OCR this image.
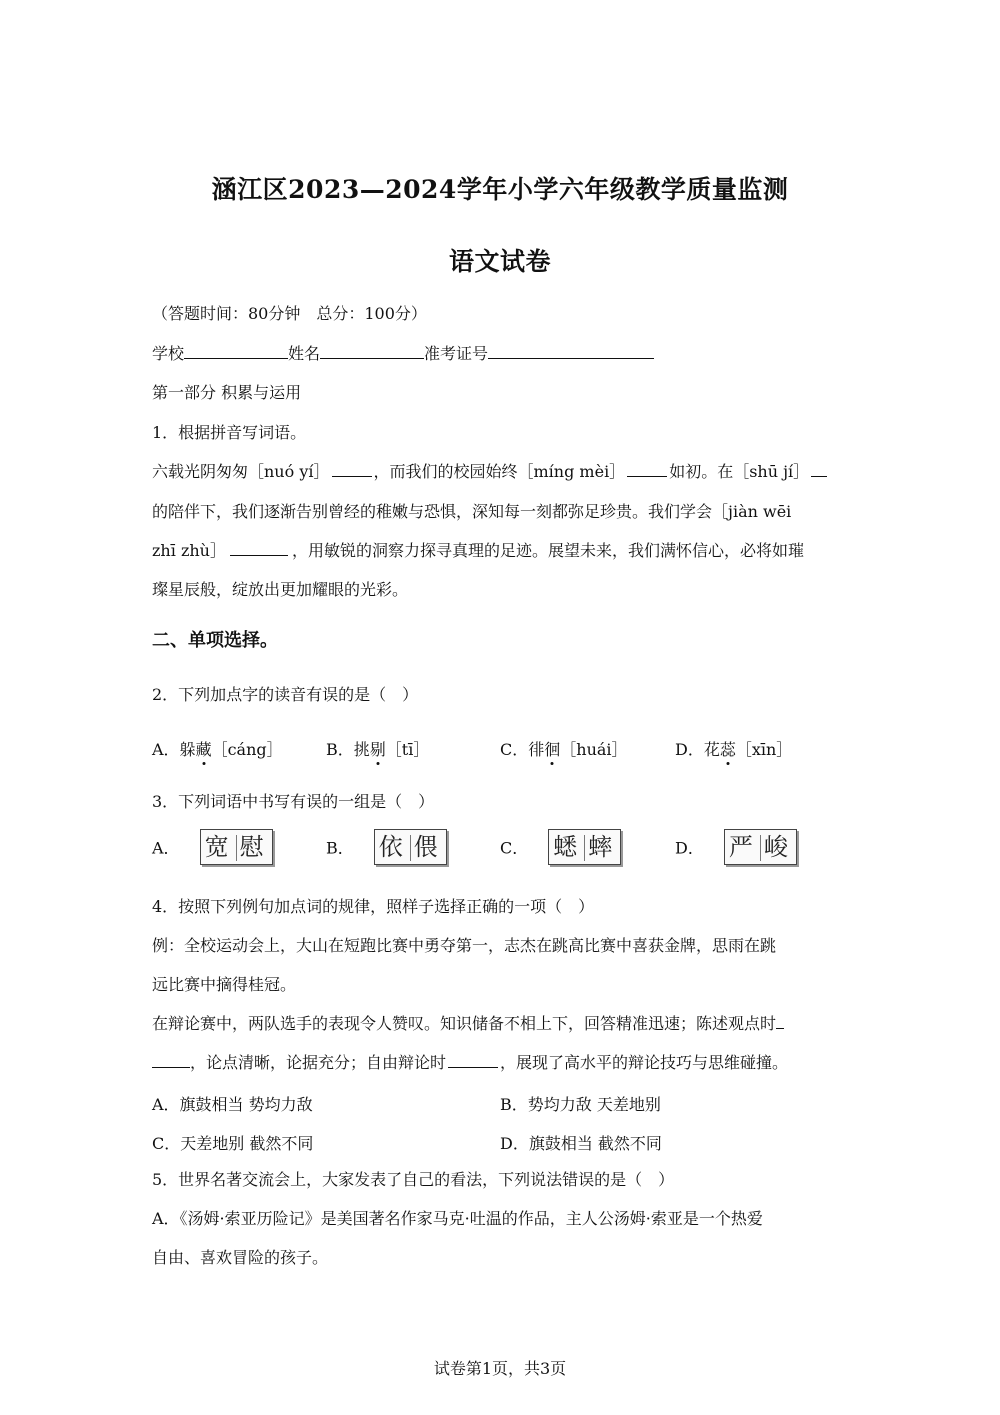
涵江区2023—2024学年小学六年级教学质量监测
语文试卷
（答题时间：80分钟　总分：100分）
学校	姓名	准考证号
第一部分 积累与运用
1．根据拼音写词语。
六载光阴匆匆［nuó yí］	，而我们的校园始终［míng mèi］	如初。在［shū jí］
的陪伴下，我们逐渐告别曾经的稚嫩与恐惧，深知每一刻都弥足珍贵。我们学会［jiàn wēi
zhī zhù］	，用敏锐的洞察力探寻真理的足迹。展望未来，我们满怀信心，必将如璀
璨星辰般，绽放出更加耀眼的光彩。
二、单项选择。
2．下列加点字的读音有误的是（　）
A．躲藏［cáng］	B．挑剔［tī］	C．徘徊［huái］	D．花蕊［xīn］
3．下列词语中书写有误的一组是（　）
A． 宽 慰	B． 依 偎	C． 蟋 蟀	D． 严 峻
4．按照下列例句加点词的规律，照样子选择正确的一项（　）
例：全校运动会上，大山在短跑比赛中勇夺第一，志杰在跳高比赛中喜获金牌，思雨在跳
远比赛中摘得桂冠。
在辩论赛中，两队选手的表现令人赞叹。知识储备不相上下，回答精准迅速；陈述观点时
，论点清晰，论据充分；自由辩论时	，展现了高水平的辩论技巧与思维碰撞。
A．旗鼓相当 势均力敌	B．势均力敌 天差地别
C．天差地别 截然不同	D．旗鼓相当 截然不同
5．世界名著交流会上，大家发表了自己的看法，下列说法错误的是（　）
A．《汤姆·索亚历险记》是美国著名作家马克·吐温的作品，主人公汤姆·索亚是一个热爱
自由、喜欢冒险的孩子。
试卷第1页，共3页
